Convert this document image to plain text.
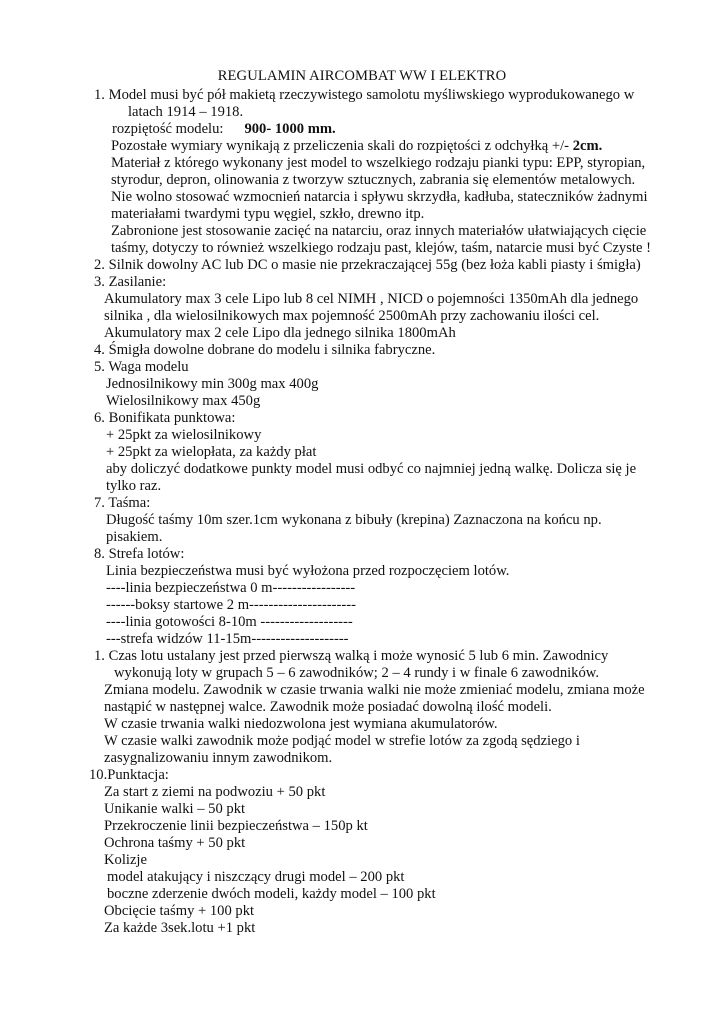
REGULAMIN AIRCOMBAT WW I ELEKTRO
1. Model musi być pół makietą rzeczywistego samolotu myśliwskiego wyprodukowanego w
latach 1914 – 1918.
rozpiętość modelu: 900- 1000 mm.
Pozostałe wymiary wynikają z przeliczenia skali do rozpiętości z odchyłką +/- 2cm.
Materiał z którego wykonany jest model to wszelkiego rodzaju pianki typu: EPP, styropian,
styrodur, depron, olinowania z tworzyw sztucznych, zabrania się elementów metalowych.
Nie wolno stosować wzmocnień natarcia i spływu skrzydła, kadłuba, stateczników żadnymi
materiałami twardymi typu węgiel, szkło, drewno itp.
Zabronione jest stosowanie zacięć na natarciu, oraz innych materiałów ułatwiających cięcie
taśmy, dotyczy to również wszelkiego rodzaju past, klejów, taśm, natarcie musi być Czyste !
2. Silnik dowolny AC lub DC o masie nie przekraczającej 55g (bez łoża kabli piasty i śmigła)
3. Zasilanie:
Akumulatory max 3 cele Lipo lub 8 cel NIMH , NICD o pojemności 1350mAh dla jednego
silnika , dla wielosilnikowych max pojemność 2500mAh przy zachowaniu ilości cel.
Akumulatory max 2 cele Lipo dla jednego silnika 1800mAh
4. Śmigła dowolne dobrane do modelu i silnika fabryczne.
5. Waga modelu
Jednosilnikowy min 300g max 400g
Wielosilnikowy max 450g
6. Bonifikata punktowa:
+ 25pkt za wielosilnikowy
+ 25pkt za wielopłata, za każdy płat
aby doliczyć dodatkowe punkty model musi odbyć co najmniej jedną walkę. Dolicza się je
tylko raz.
7. Taśma:
Długość taśmy 10m szer.1cm wykonana z bibuły (krepina) Zaznaczona na końcu np.
pisakiem.
8. Strefa lotów:
Linia bezpieczeństwa musi być wyłożona przed rozpoczęciem lotów.
----linia bezpieczeństwa 0 m-----------------
------boksy startowe 2 m----------------------
----linia gotowości 8-10m -------------------
---strefa widzów 11-15m--------------------
1. Czas lotu ustalany jest przed pierwszą walką i może wynosić 5 lub 6 min. Zawodnicy
wykonują loty w grupach 5 – 6 zawodników; 2 – 4 rundy i w finale 6 zawodników.
Zmiana modelu. Zawodnik w czasie trwania walki nie może zmieniać modelu, zmiana może
nastąpić w następnej walce. Zawodnik może posiadać dowolną ilość modeli.
W czasie trwania walki niedozwolona jest wymiana akumulatorów.
W czasie walki zawodnik może podjąć model w strefie lotów za zgodą sędziego i
zasygnalizowaniu innym zawodnikom.
10.Punktacja:
Za start z ziemi na podwoziu + 50 pkt
Unikanie walki – 50 pkt
Przekroczenie linii bezpieczeństwa – 150p kt
Ochrona taśmy + 50 pkt
Kolizje
model atakujący i niszczący drugi model – 200 pkt
boczne zderzenie dwóch modeli, każdy model – 100 pkt
Obcięcie taśmy + 100 pkt
Za każde 3sek.lotu +1 pkt
